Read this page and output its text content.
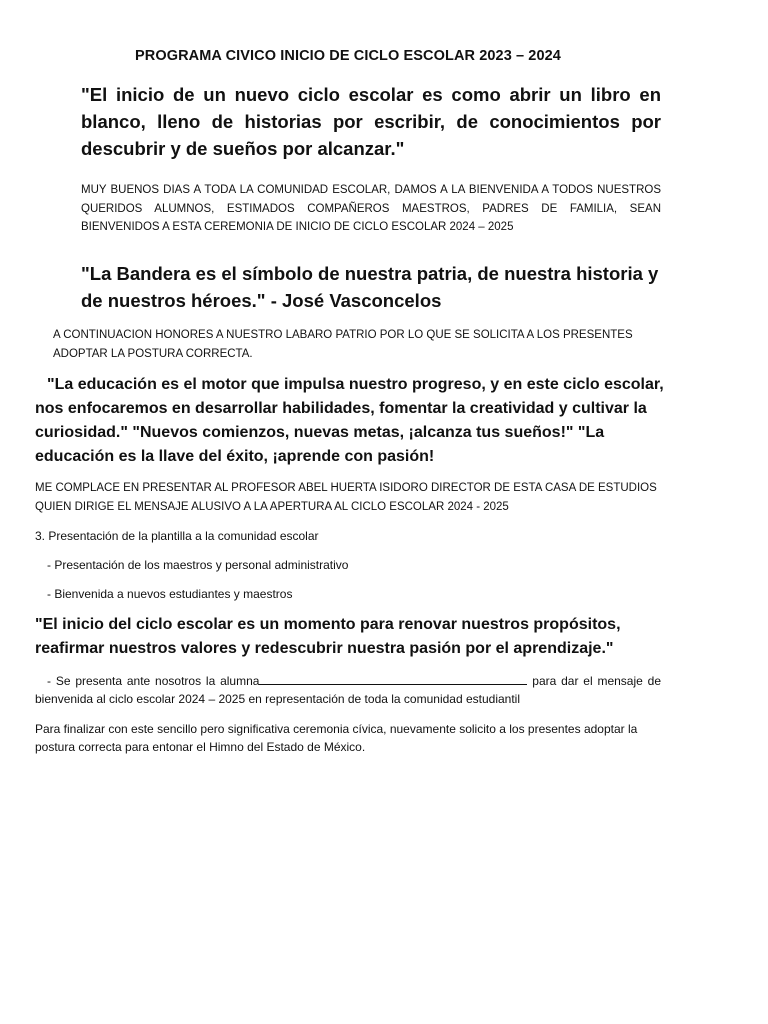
PROGRAMA CIVICO INICIO DE CICLO ESCOLAR 2023 – 2024
"El inicio de un nuevo ciclo escolar es como abrir un libro en blanco, lleno de historias por escribir, de conocimientos por descubrir y de sueños por alcanzar."
MUY BUENOS DIAS A TODA LA COMUNIDAD ESCOLAR, DAMOS A LA BIENVENIDA A TODOS NUESTROS QUERIDOS ALUMNOS, ESTIMADOS COMPAÑEROS MAESTROS, PADRES DE FAMILIA, SEAN BIENVENIDOS A ESTA CEREMONIA DE INICIO DE CICLO ESCOLAR 2024 – 2025
"La Bandera es el símbolo de nuestra patria, de nuestra historia y de nuestros héroes." - José Vasconcelos
A CONTINUACION HONORES A NUESTRO LABARO PATRIO POR LO QUE SE SOLICITA A LOS PRESENTES ADOPTAR LA POSTURA CORRECTA.
"La educación es el motor que impulsa nuestro progreso, y en este ciclo escolar, nos enfocaremos en desarrollar habilidades, fomentar la creatividad y cultivar la curiosidad." "Nuevos comienzos, nuevas metas, ¡alcanza tus sueños!" "La educación es la llave del éxito, ¡aprende con pasión!
ME COMPLACE EN PRESENTAR AL PROFESOR ABEL HUERTA ISIDORO DIRECTOR DE ESTA CASA DE ESTUDIOS QUIEN DIRIGE EL MENSAJE ALUSIVO A LA APERTURA AL CICLO ESCOLAR 2024 - 2025
3. Presentación de la plantilla a la comunidad escolar
- Presentación de los maestros y personal administrativo
- Bienvenida a nuevos estudiantes y maestros
"El inicio del ciclo escolar es un momento para renovar nuestros propósitos, reafirmar nuestros valores y redescubrir nuestra pasión por el aprendizaje."
- Se presenta ante nosotros la alumna	para dar el mensaje de bienvenida al ciclo escolar 2024 – 2025 en representación de toda la comunidad estudiantil
Para finalizar con este sencillo pero significativa ceremonia cívica, nuevamente solicito a los presentes adoptar la postura correcta para entonar el Himno del Estado de México.
